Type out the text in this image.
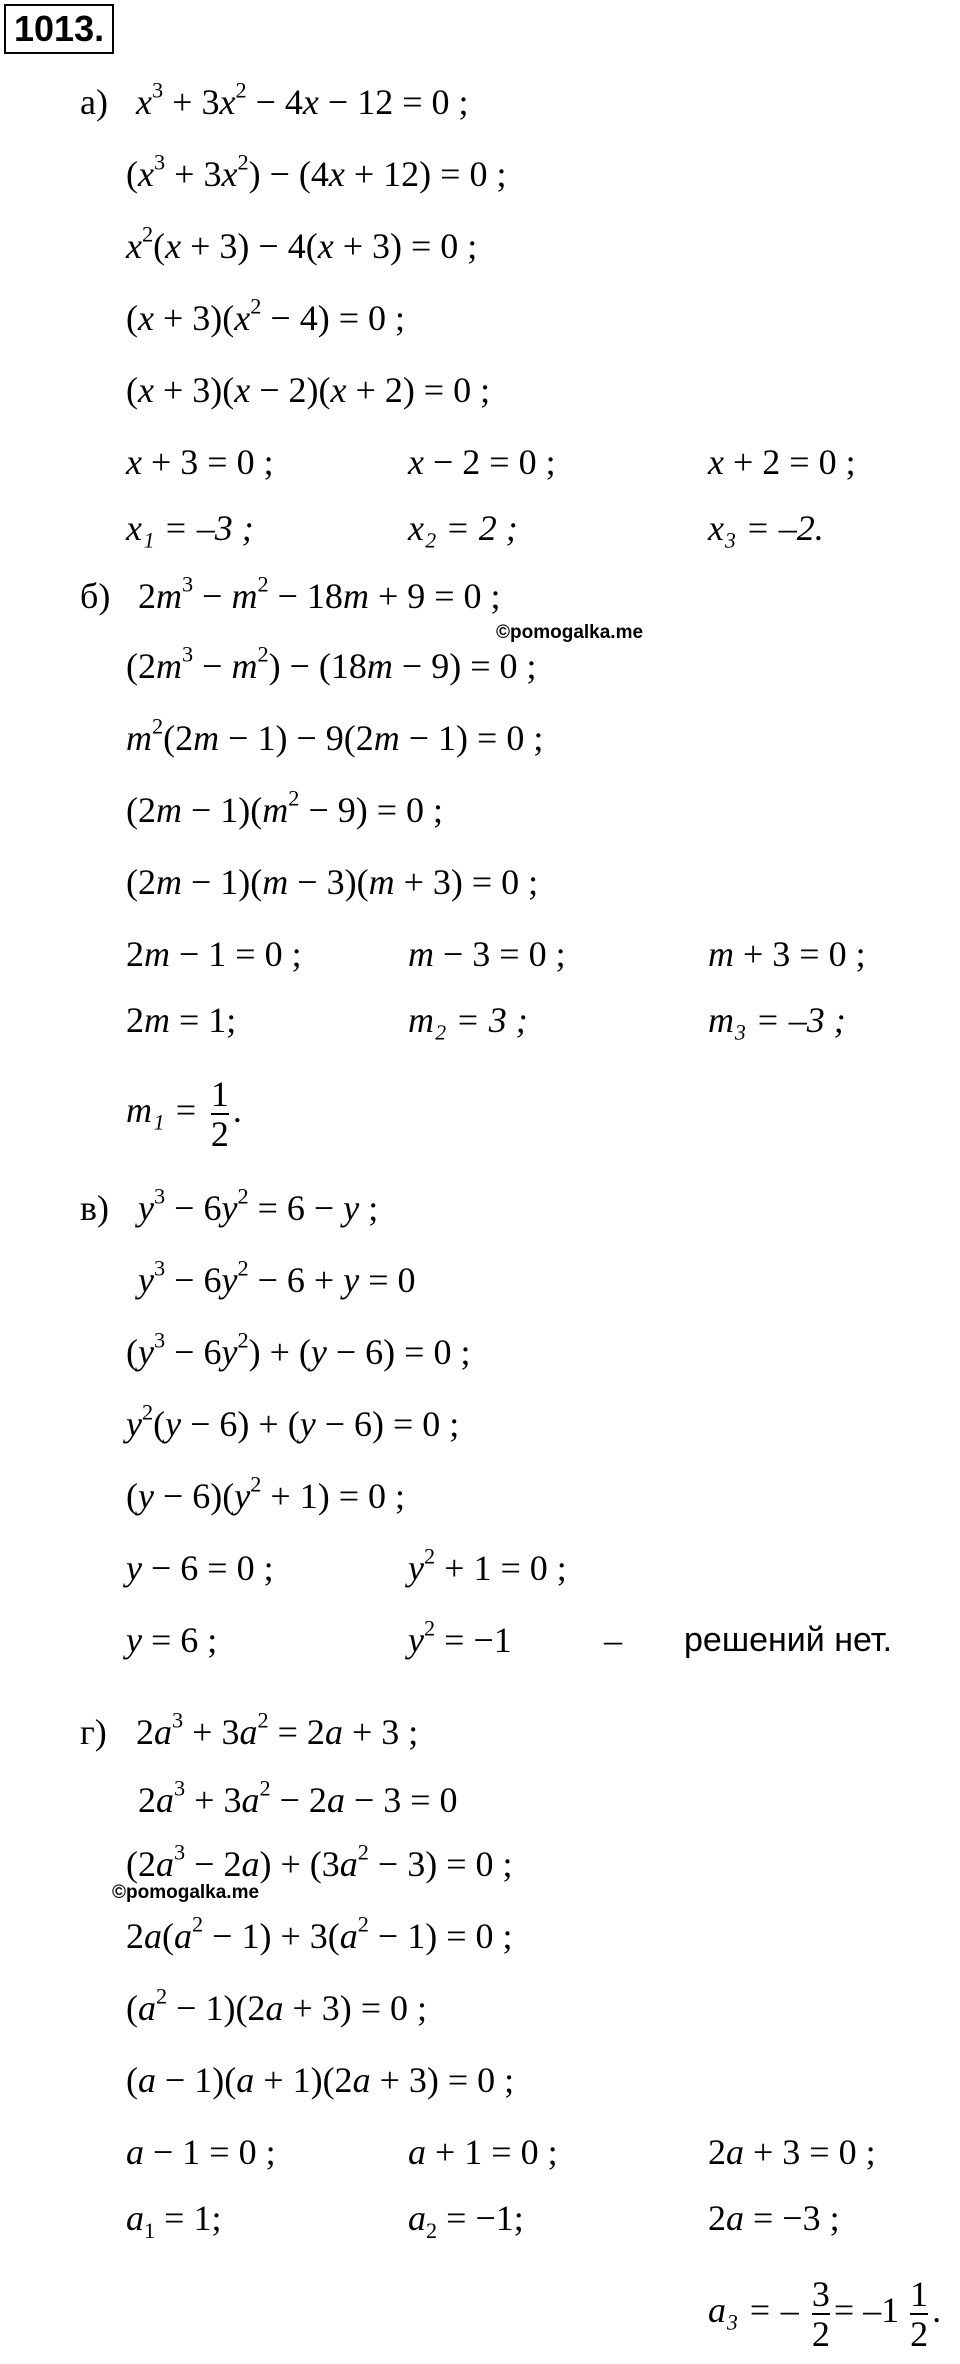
1013.
а) $x^3 + 3x^2 - 4x - 12 = 0$ ;
$(x^3 + 3x^2) - (4x + 12) = 0$ ;
$x^2(x + 3) - 4(x + 3) = 0$ ;
$(x + 3)(x^2 - 4) = 0$ ;
(x + 3)(x − 2)(x + 2) = 0 ;
x + 3 = 0 ;	x − 2 = 0 ;	x + 2 = 0 ;
x₁ = –3 ;	x₂ = 2 ;	x₃ = –2.
б) $2m^3 - m^2 - 18m + 9 = 0$ ;
©pomogalka.me
$(2m^3 - m^2) - (18m - 9) = 0$ ;
$m^2(2m - 1) - 9(2m - 1) = 0$ ;
$(2m - 1)(m^2 - 9) = 0$ ;
(2m − 1)(m − 3)(m + 3) = 0 ;
2m − 1 = 0 ;	m − 3 = 0 ;	m + 3 = 0 ;
2m = 1;	m₂ = 3 ;	m₃ = –3 ;
$m_1 = \frac{1}{2}$ .
в) $y^3 - 6y^2 = 6 - y$ ;
$y^3 - 6y^2 - 6 + y = 0$
$(y^3 - 6y^2) + (y - 6) = 0$ ;
$y^2(y - 6) + (y - 6) = 0$ ;
$(y - 6)(y^2 + 1) = 0$ ;
y − 6 = 0 ;	$y^2 + 1 = 0$ ;
y = 6 ;	$y^2 = -1$	– решений нет.
г) $2a^3 + 3a^2 = 2a + 3$ ;
$2a^3 + 3a^2 - 2a - 3 = 0$
$(2a^3 - 2a) + (3a^2 - 3) = 0$ ;
©pomogalka.me
$2a(a^2 - 1) + 3(a^2 - 1) = 0$ ;
$(a^2 - 1)(2a + 3) = 0$ ;
(a − 1)(a + 1)(2a + 3) = 0 ;
a − 1 = 0 ;	a + 1 = 0 ;	2a + 3 = 0 ;
$a_1 = 1$;	$a_2 = -1$;	2a = −3 ;
a₃ = – $\frac{3}{2} = -1 \frac{1}{2}$ .
